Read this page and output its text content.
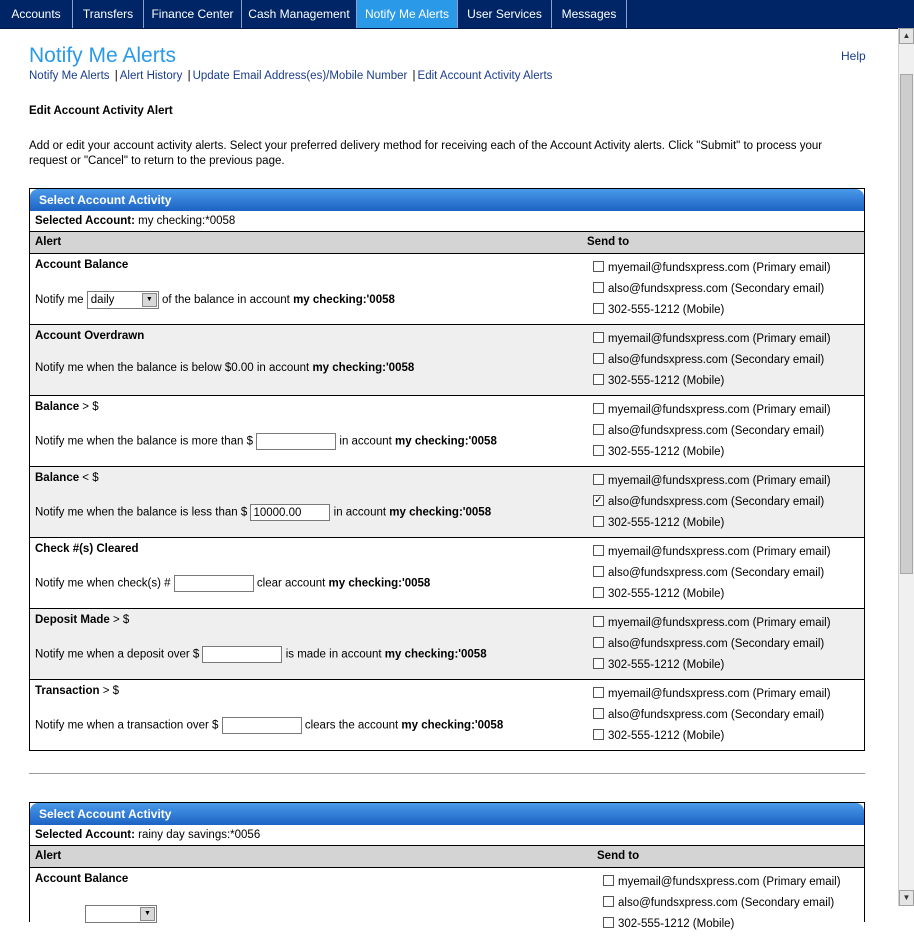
Accounts	Transfers	Finance Center	Cash Management	Notify Me Alerts	User Services	Messages
▲
▼
Notify Me Alerts	Help
Notify Me Alerts | Alert History | Update Email Address(es)/Mobile Number | Edit Account Activity Alerts
Edit Account Activity Alert
Add or edit your account activity alerts. Select your preferred delivery method for receiving each of the Account Activity alerts. Click "Submit" to process your request or "Cancel" to return to the previous page.
Select Account Activity
Selected Account: my checking:*0058
Alert	Send to
Account Balance
Notify me daily	▼ of the balance in account my checking:'0058
myemail@fundsxpress.com (Primary email)
also@fundsxpress.com (Secondary email)
302-555-1212 (Mobile)
Account Overdrawn
Notify me when the balance is below $0.00 in account my checking:'0058
myemail@fundsxpress.com (Primary email)
also@fundsxpress.com (Secondary email)
302-555-1212 (Mobile)
Balance > $
Notify me when the balance is more than $	in account my checking:'0058
myemail@fundsxpress.com (Primary email)
also@fundsxpress.com (Secondary email)
302-555-1212 (Mobile)
Balance < $
Notify me when the balance is less than $ 10000.00	in account my checking:'0058
myemail@fundsxpress.com (Primary email)
✓ also@fundsxpress.com (Secondary email)
302-555-1212 (Mobile)
Check #(s) Cleared
Notify me when check(s) #	clear account my checking:'0058
myemail@fundsxpress.com (Primary email)
also@fundsxpress.com (Secondary email)
302-555-1212 (Mobile)
Deposit Made > $
Notify me when a deposit over $	is made in account my checking:'0058
myemail@fundsxpress.com (Primary email)
also@fundsxpress.com (Secondary email)
302-555-1212 (Mobile)
Transaction > $
Notify me when a transaction over $	clears the account my checking:'0058
myemail@fundsxpress.com (Primary email)
also@fundsxpress.com (Secondary email)
302-555-1212 (Mobile)
Select Account Activity
Selected Account: rainy day savings:*0056
Alert	Send to
Account Balance
▼
myemail@fundsxpress.com (Primary email)
also@fundsxpress.com (Secondary email)
302-555-1212 (Mobile)
